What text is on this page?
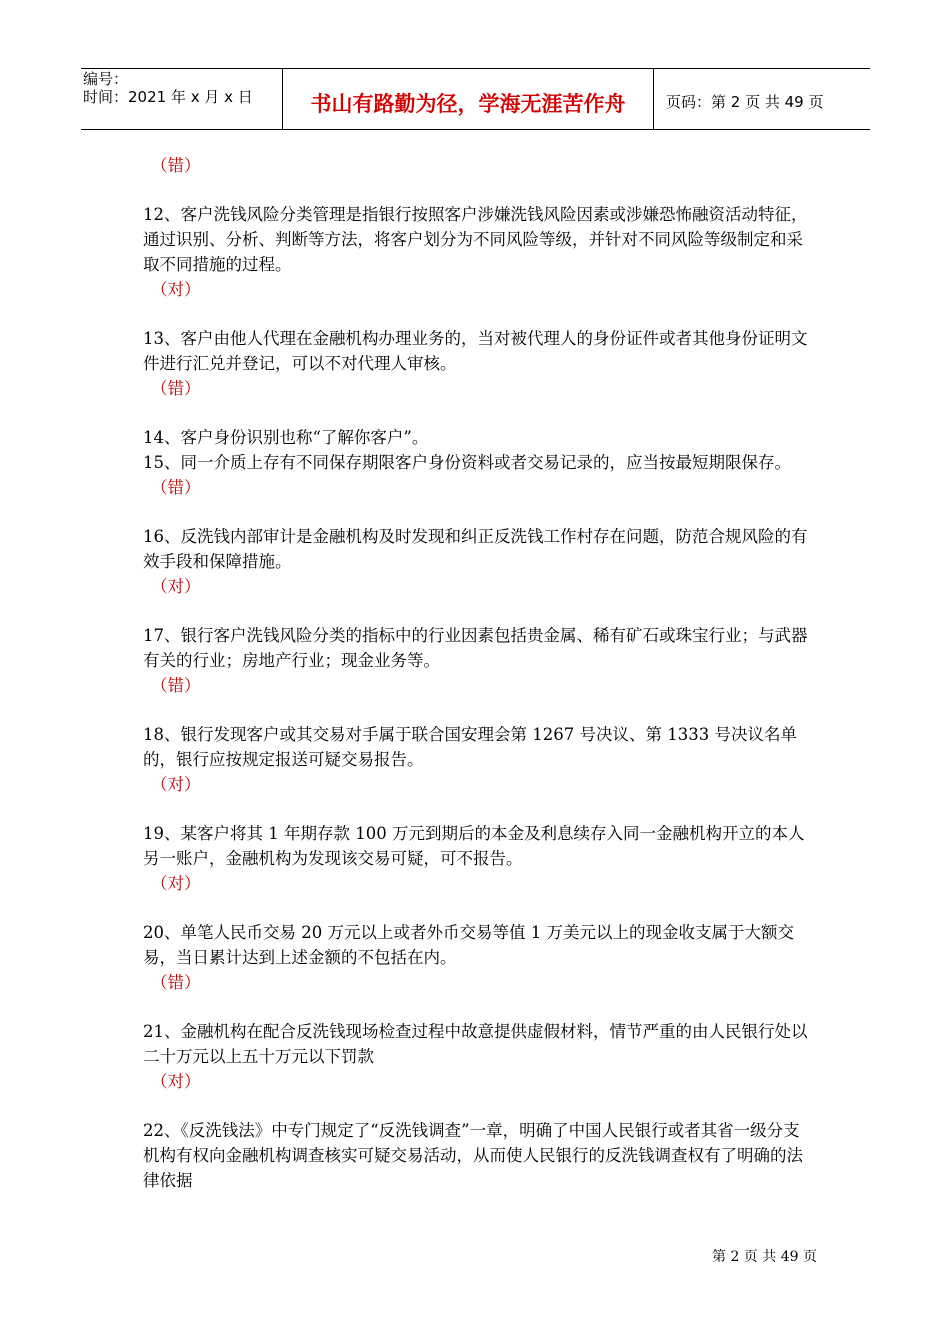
编号：
时间：2021 年 x 月 x 日	书山有路勤为径，学海无涯苦作舟	页码：第 2 页 共 49 页

（错）

12、客户洗钱风险分类管理是指银行按照客户涉嫌洗钱风险因素或涉嫌恐怖融资活动特征，通过识别、分析、判断等方法，将客户划分为不同风险等级，并针对不同风险等级制定和采取不同措施的过程。

（对）

13、客户由他人代理在金融机构办理业务的，当对被代理人的身份证件或者其他身份证明文件进行汇兑并登记，可以不对代理人审核。

（错）

14、客户身份识别也称“了解你客户”。

15、同一介质上存有不同保存期限客户身份资料或者交易记录的，应当按最短期限保存。

（错）

16、反洗钱内部审计是金融机构及时发现和纠正反洗钱工作村存在问题，防范合规风险的有效手段和保障措施。

（对）

17、银行客户洗钱风险分类的指标中的行业因素包括贵金属、稀有矿石或珠宝行业；与武器有关的行业；房地产行业；现金业务等。

（错）

18、银行发现客户或其交易对手属于联合国安理会第 1267 号决议、第 1333 号决议名单的，银行应按规定报送可疑交易报告。

（对）

19、某客户将其 1 年期存款 100 万元到期后的本金及利息续存入同一金融机构开立的本人另一账户，金融机构为发现该交易可疑，可不报告。

（对）

20、单笔人民币交易 20 万元以上或者外币交易等值 1 万美元以上的现金收支属于大额交易，当日累计达到上述金额的不包括在内。

（错）

21、金融机构在配合反洗钱现场检查过程中故意提供虚假材料，情节严重的由人民银行处以二十万元以上五十万元以下罚款

（对）

22、《反洗钱法》中专门规定了“反洗钱调查”一章，明确了中国人民银行或者其省一级分支机构有权向金融机构调查核实可疑交易活动，从而使人民银行的反洗钱调查权有了明确的法律依据

第 2 页 共 49 页
